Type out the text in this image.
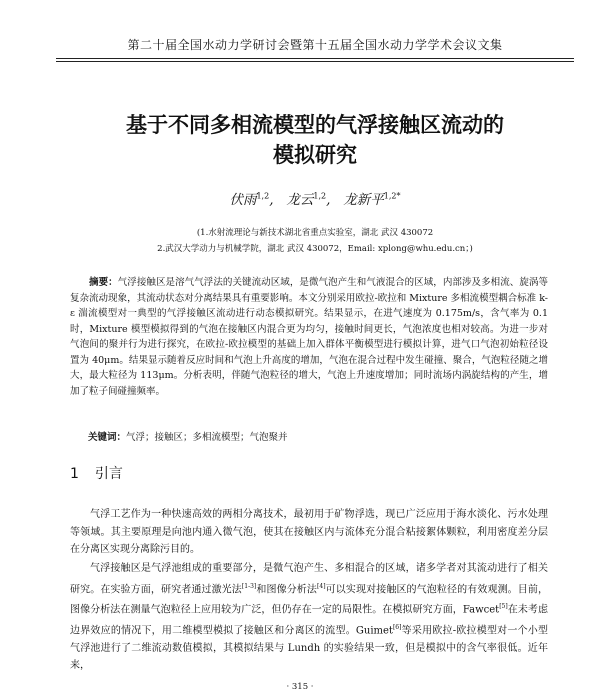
第二十届全国水动力学研讨会暨第十五届全国水动力学学术会议文集
基于不同多相流模型的气浮接触区流动的
模拟研究
伏雨$^{1,2}$,   龙云$^{1,2}$,   龙新平$^{1,2*}$
(1.水射流理论与新技术湖北省重点实验室，湖北 武汉 430072
2.武汉大学动力与机械学院，湖北 武汉 430072，Email: xplong@whu.edu.cn；)
摘要：气浮接触区是溶气气浮法的关键流动区域，是微气泡产生和气液混合的区域，内部涉及多相流、旋涡等复杂流动现象，其流动状态对分离结果具有重要影响。本文分别采用欧拉-欧拉和 Mixture 多相流模型耦合标准 k-ε 湍流模型对一典型的气浮接触区流动进行动态模拟研究。结果显示，在进气速度为 0.175m/s，含气率为 0.1 时，Mixture 模型模拟得到的气泡在接触区内混合更为均匀，接触时间更长，气泡浓度也相对较高。为进一步对气泡间的聚并行为进行探究，在欧拉-欧拉模型的基础上加入群体平衡模型进行模拟计算，进气口气泡初始粒径设置为 40μm。结果显示随着反应时间和气泡上升高度的增加，气泡在混合过程中发生碰撞、聚合，气泡粒径随之增大，最大粒径为 113μm。分析表明，伴随气泡粒径的增大，气泡上升速度增加；同时流场内涡旋结构的产生，增加了粒子间碰撞频率。
关键词：气浮；接触区；多相流模型；气泡聚并
1 引言
气浮工艺作为一种快速高效的两相分离技术，最初用于矿物浮选，现已广泛应用于海水淡化、污水处理等领域。其主要原理是向池内通入微气泡，使其在接触区内与流体充分混合粘接絮体颗粒，利用密度差分层在分离区实现分离除污目的。
气浮接触区是气浮池组成的重要部分，是微气泡产生、多相混合的区域，诸多学者对其流动进行了相关研究。在实验方面，研究者通过激光法[1-3]和图像分析法[4]可以实现对接触区的气泡粒径的有效观测。目前，图像分析法在测量气泡粒径上应用较为广泛，但仍存在一定的局限性。在模拟研究方面，Fawcet[5]在未考虑边界效应的情况下，用二维模型模拟了接触区和分离区的流型。Guimet[6]等采用欧拉-欧拉模型对一个小型气浮池进行了二维流动数值模拟，其模拟结果与 Lundh 的实验结果一致，但是模拟中的含气率很低。近年来，
· 315 ·
